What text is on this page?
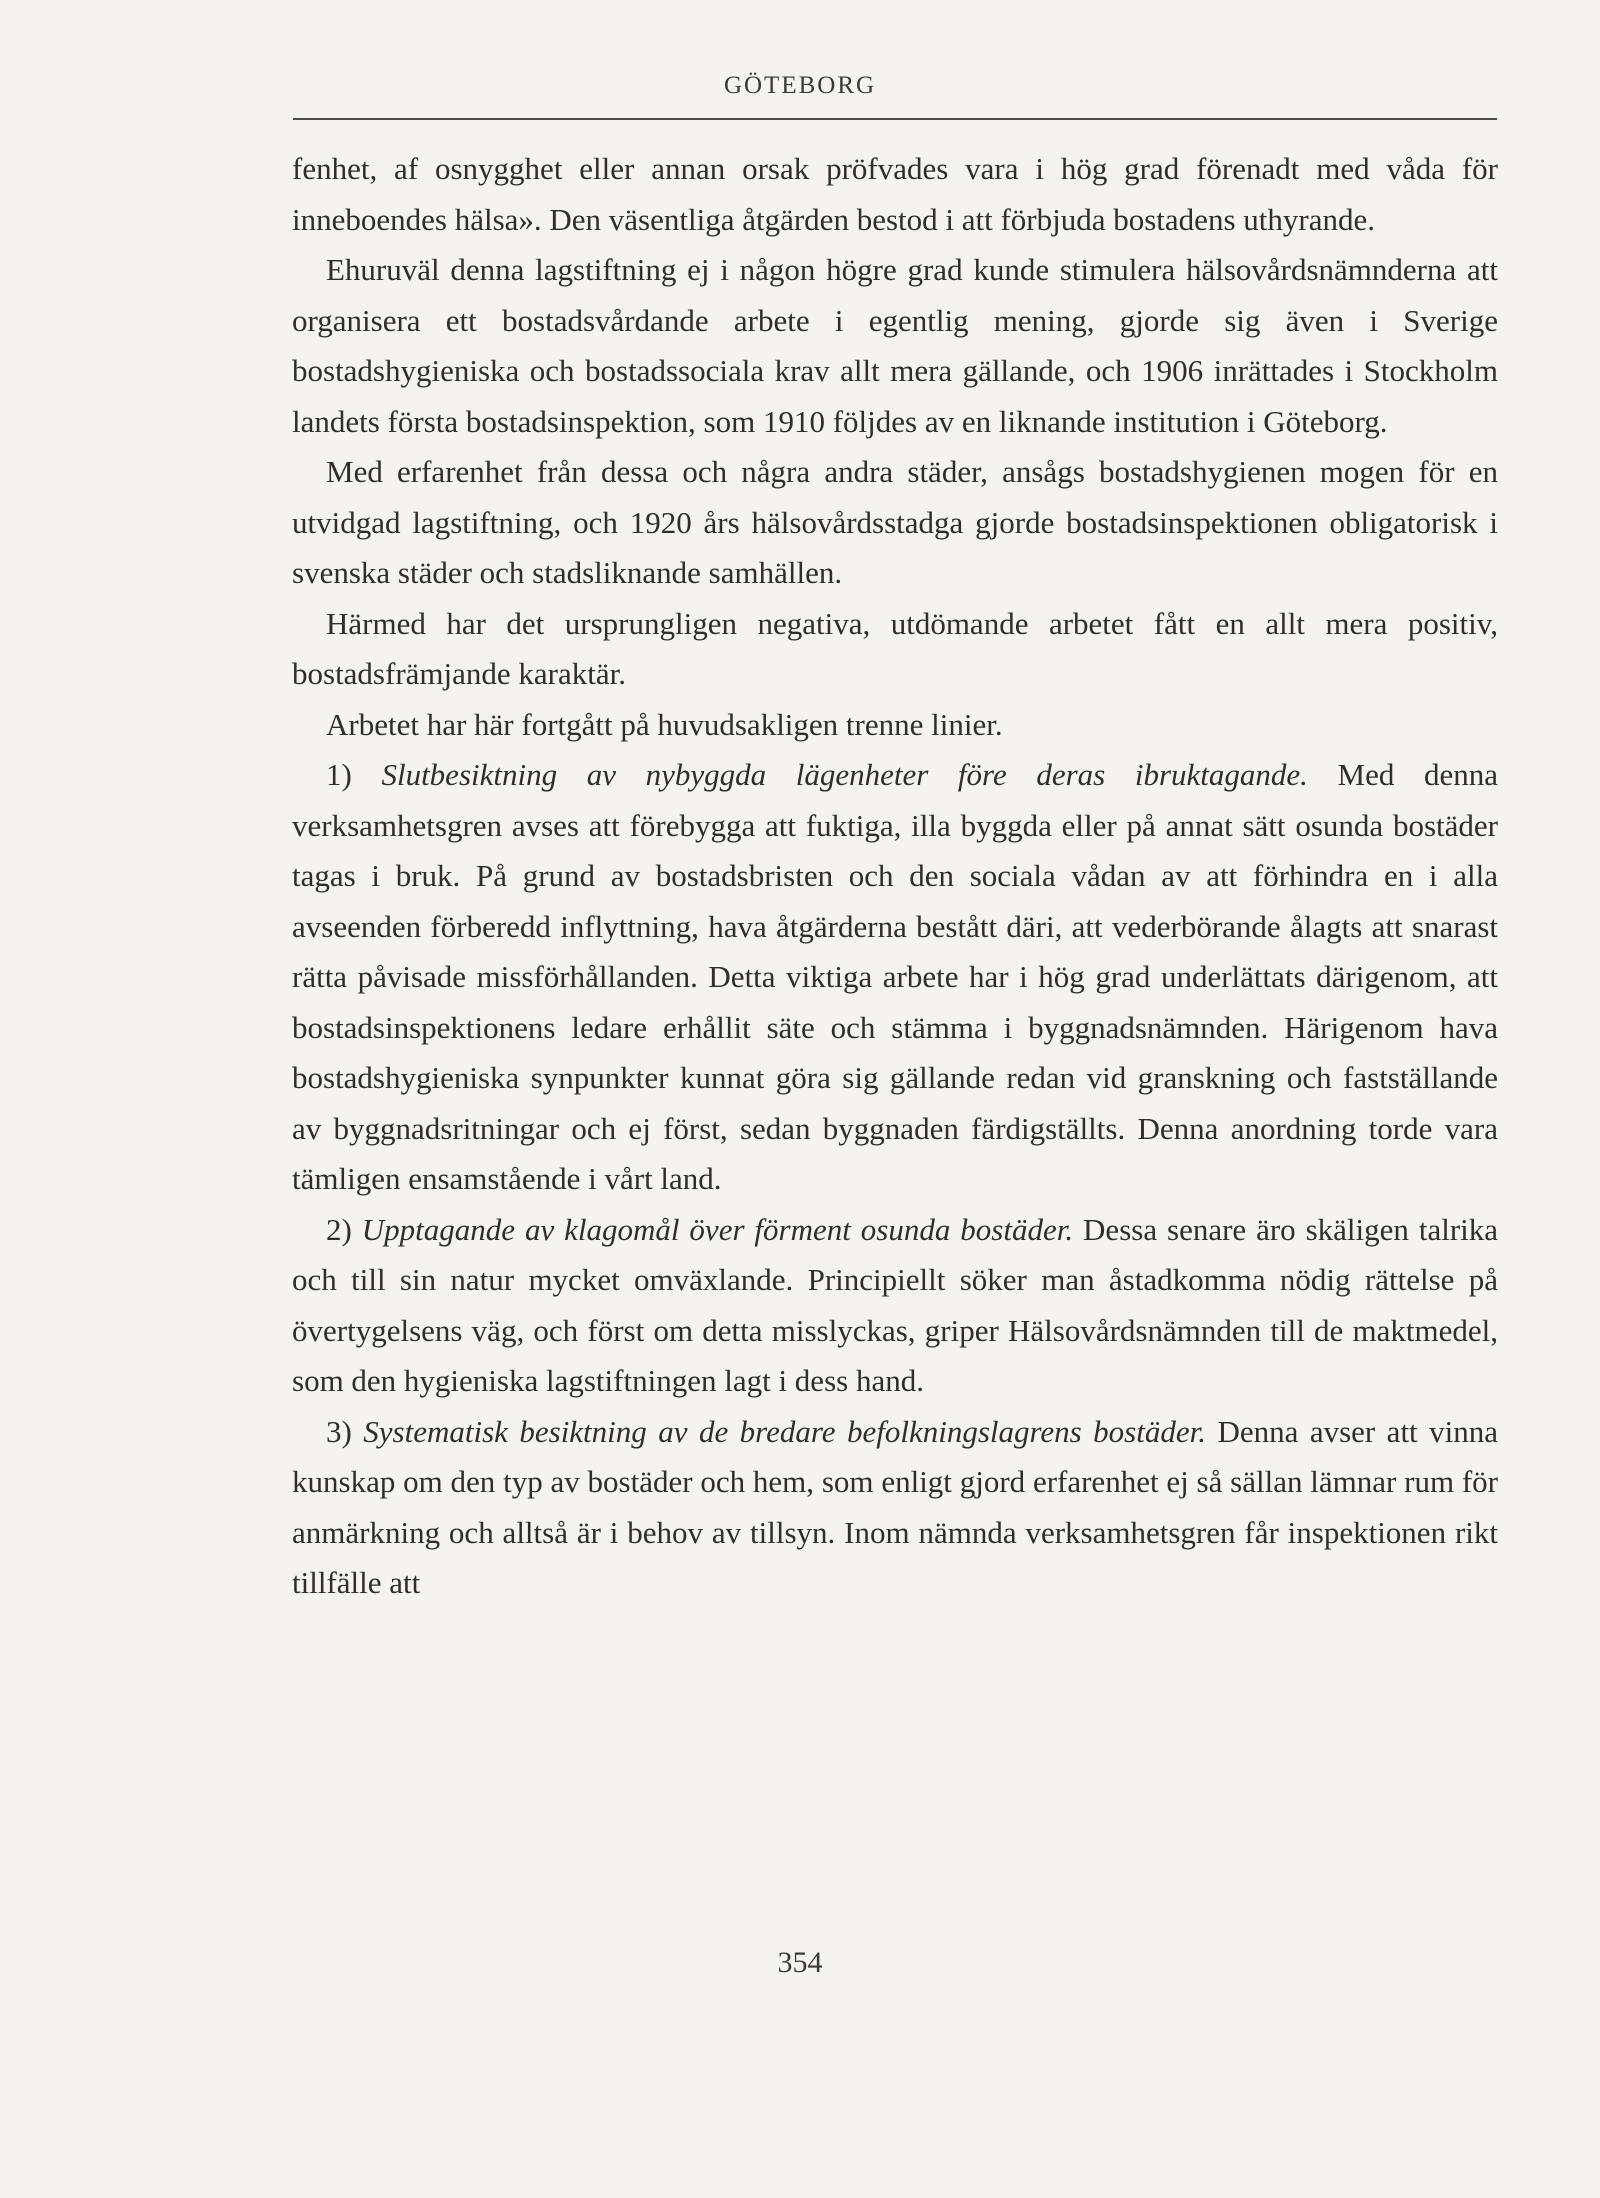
GÖTEBORG

fenhet, af osnygghet eller annan orsak pröfvades vara i hög grad förenadt med våda för inneboendes hälsa». Den väsentliga åtgärden bestod i att förbjuda bostadens uthyrande.

Ehuruväl denna lagstiftning ej i någon högre grad kunde stimulera hälsovårdsnämnderna att organisera ett bostadsvårdande arbete i egentlig mening, gjorde sig även i Sverige bostadshygieniska och bostadssociala krav allt mera gällande, och 1906 inrättades i Stockholm landets första bostadsinspektion, som 1910 följdes av en liknande institution i Göteborg.

Med erfarenhet från dessa och några andra städer, ansågs bostadshygienen mogen för en utvidgad lagstiftning, och 1920 års hälsovårdsstadga gjorde bostadsinspektionen obligatorisk i svenska städer och stadsliknande samhällen.

Härmed har det ursprungligen negativa, utdömande arbetet fått en allt mera positiv, bostadsfrämjande karaktär.

Arbetet har här fortgått på huvudsakligen trenne linier.

1) Slutbesiktning av nybyggda lägenheter före deras ibruktagande. Med denna verksamhetsgren avses att förebygga att fuktiga, illa byggda eller på annat sätt osunda bostäder tagas i bruk. På grund av bostadsbristen och den sociala vådan av att förhindra en i alla avseenden förberedd inflyttning, hava åtgärderna bestått däri, att vederbörande ålagts att snarast rätta påvisade missförhållanden. Detta viktiga arbete har i hög grad underlättats därigenom, att bostadsinspektionens ledare erhållit säte och stämma i byggnadsnämnden. Härigenom hava bostadshygieniska synpunkter kunnat göra sig gällande redan vid granskning och fastställande av byggnadsritningar och ej först, sedan byggnaden färdigställts. Denna anordning torde vara tämligen ensamstående i vårt land.

2) Upptagande av klagomål över förment osunda bostäder. Dessa senare äro skäligen talrika och till sin natur mycket omväxlande. Principiellt söker man åstadkomma nödig rättelse på övertygelsens väg, och först om detta misslyckas, griper Hälsovårdsnämnden till de maktmedel, som den hygieniska lagstiftningen lagt i dess hand.

3) Systematisk besiktning av de bredare befolkningslagrens bostäder. Denna avser att vinna kunskap om den typ av bostäder och hem, som enligt gjord erfarenhet ej så sällan lämnar rum för anmärkning och alltså är i behov av tillsyn. Inom nämnda verksamhetsgren får inspektionen rikt tillfälle att

354
